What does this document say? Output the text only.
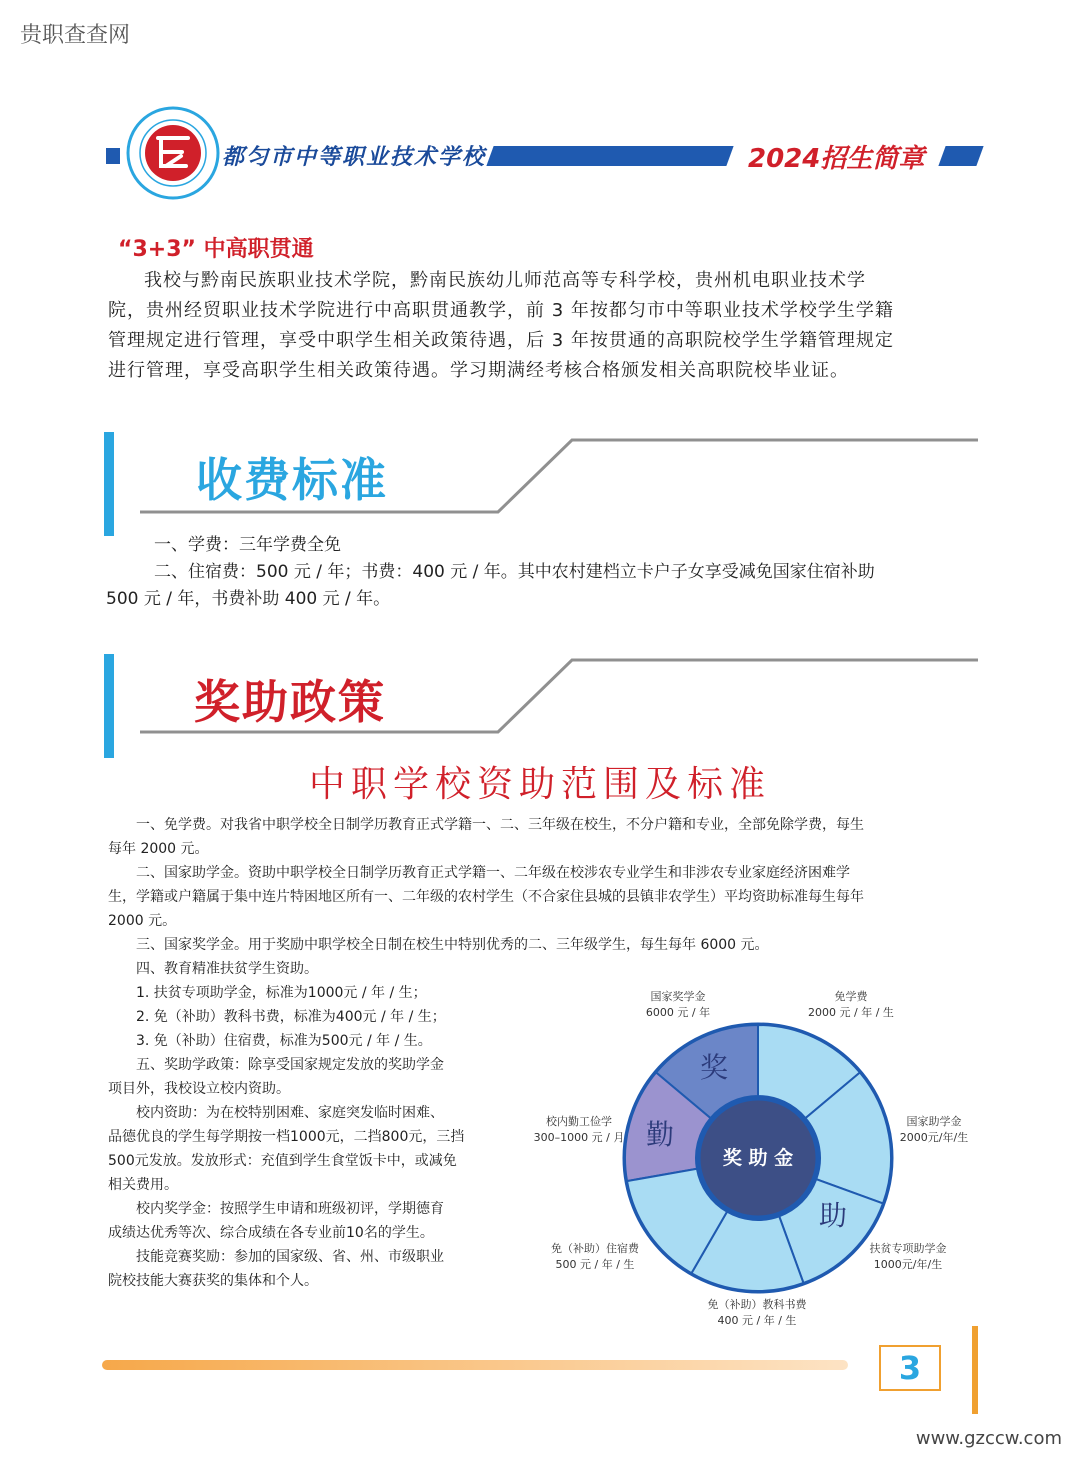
贵职查查网
都匀市中等职业技术学校	2024招生简章
“3+3” 中高职贯通

我校与黔南民族职业技术学院，黔南民族幼儿师范高等专科学校，贵州机电职业技术学

院，贵州经贸职业技术学院进行中高职贯通教学，前 3 年按都匀市中等职业技术学校学生学籍

管理规定进行管理，享受中职学生相关政策待遇，后 3 年按贯通的高职院校学生学籍管理规定

进行管理，享受高职学生相关政策待遇。学习期满经考核合格颁发相关高职院校毕业证。

收费标准

一、学费：三年学费全免

二、住宿费：500 元 / 年；书费：400 元 / 年。其中农村建档立卡户子女享受减免国家住宿补助

500 元 / 年，书费补助 400 元 / 年。

奖助政策
中职学校资助范围及标准

一、免学费。对我省中职学校全日制学历教育正式学籍一、二、三年级在校生，不分户籍和专业，全部免除学费，每生

每年 2000 元。

二、国家助学金。资助中职学校全日制学历教育正式学籍一、二年级在校涉农专业学生和非涉农专业家庭经济困难学

生，学籍或户籍属于集中连片特困地区所有一、二年级的农村学生（不合家住县城的县镇非农学生）平均资助标准每生每年

2000 元。

三、国家奖学金。用于奖励中职学校全日制在校生中特别优秀的二、三年级学生，每生每年 6000 元。

四、教育精准扶贫学生资助。

1. 扶贫专项助学金，标准为1000元 / 年 / 生；

2. 免（补助）教科书费，标准为400元 / 年 / 生；

3. 免（补助）住宿费，标准为500元 / 年 / 生。

五、奖助学政策：除享受国家规定发放的奖助学金

项目外，我校设立校内资助。

校内资助：为在校特别困难、家庭突发临时困难、

品德优良的学生每学期按一档1000元，二挡800元，三挡

500元发放。发放形式：充值到学生食堂饭卡中，或减免

相关费用。

校内奖学金：按照学生申请和班级初评，学期德育

成绩达优秀等次、综合成绩在各专业前10名的学生。

技能竞赛奖励：参加的国家级、省、州、市级职业

院校技能大赛获奖的集体和个人。

奖 助 金
奖
勤
助
国家奖学金
6000 元 / 年
免学费
2000 元 / 年 / 生
国家助学金
2000元/年/生
扶贫专项助学金
1000元/年/生
免（补助）教科书费
400 元 / 年 / 生
免（补助）住宿费
500 元 / 年 / 生
校内勤工俭学
300–1000 元 / 月
3
www.gzccw.com
